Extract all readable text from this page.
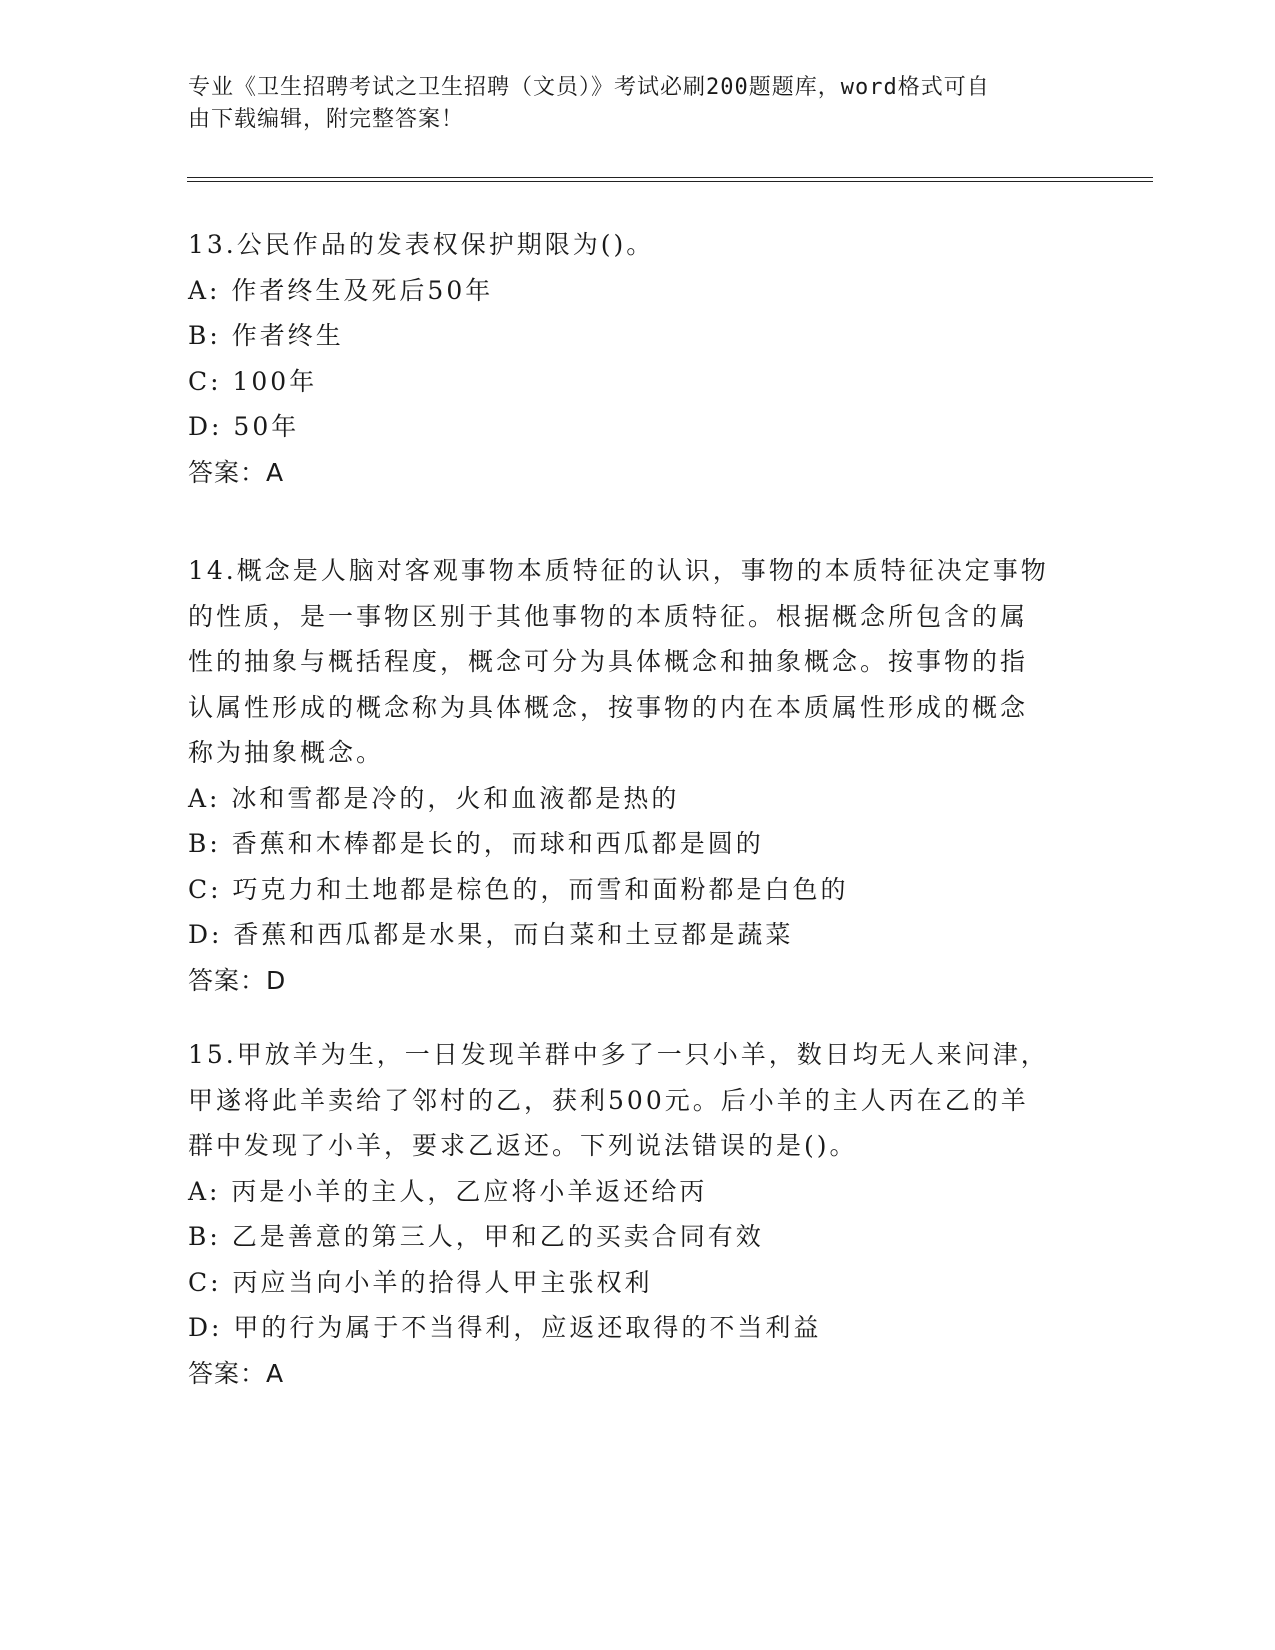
专业《卫生招聘考试之卫生招聘（文员）》考试必刷200题题库，word格式可自
由下载编辑，附完整答案！
13.公民作品的发表权保护期限为()。
A: 作者终生及死后50年
B: 作者终生
C: 100年
D: 50年
答案：A
14.概念是人脑对客观事物本质特征的认识，事物的本质特征决定事物
的性质，是一事物区别于其他事物的本质特征。根据概念所包含的属
性的抽象与概括程度，概念可分为具体概念和抽象概念。按事物的指
认属性形成的概念称为具体概念，按事物的内在本质属性形成的概念
称为抽象概念。
A: 冰和雪都是冷的，火和血液都是热的
B: 香蕉和木棒都是长的，而球和西瓜都是圆的
C: 巧克力和土地都是棕色的，而雪和面粉都是白色的
D: 香蕉和西瓜都是水果，而白菜和土豆都是蔬菜
答案：D
15.甲放羊为生，一日发现羊群中多了一只小羊，数日均无人来问津，
甲遂将此羊卖给了邻村的乙，获利500元。后小羊的主人丙在乙的羊
群中发现了小羊，要求乙返还。下列说法错误的是()。
A: 丙是小羊的主人，乙应将小羊返还给丙
B: 乙是善意的第三人，甲和乙的买卖合同有效
C: 丙应当向小羊的拾得人甲主张权利
D: 甲的行为属于不当得利，应返还取得的不当利益
答案：A
